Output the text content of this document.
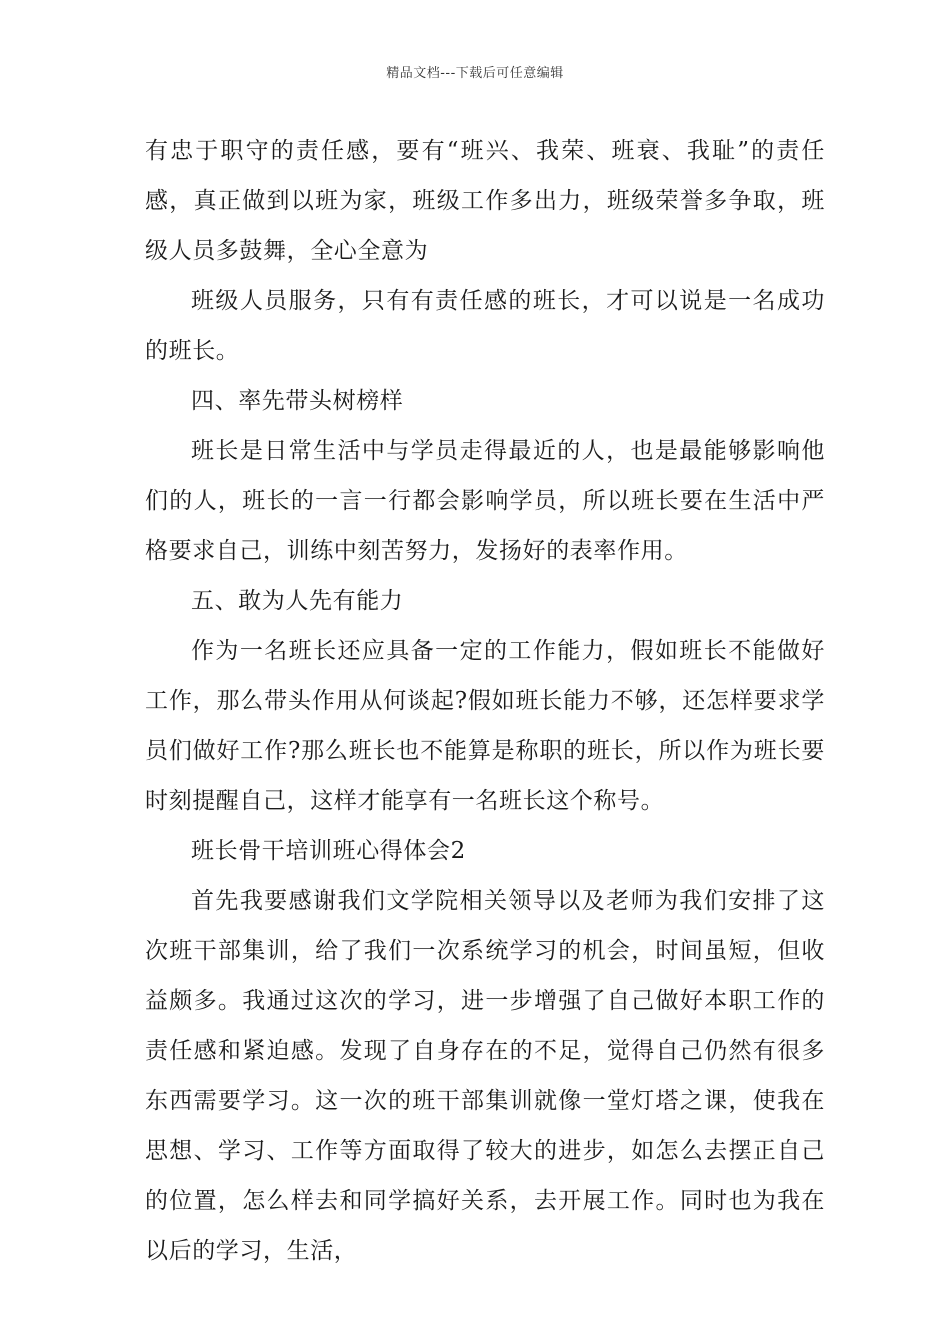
精品文档---下载后可任意编辑

有忠于职守的责任感，要有“班兴、我荣、班衰、我耻”的责任感，真正做到以班为家，班级工作多出力，班级荣誉多争取，班级人员多鼓舞，全心全意为

班级人员服务，只有有责任感的班长，才可以说是一名成功的班长。

四、率先带头树榜样

班长是日常生活中与学员走得最近的人，也是最能够影响他们的人，班长的一言一行都会影响学员，所以班长要在生活中严格要求自己，训练中刻苦努力，发扬好的表率作用。

五、敢为人先有能力

作为一名班长还应具备一定的工作能力，假如班长不能做好工作，那么带头作用从何谈起?假如班长能力不够，还怎样要求学员们做好工作?那么班长也不能算是称职的班长，所以作为班长要时刻提醒自己，这样才能享有一名班长这个称号。

班长骨干培训班心得体会2

首先我要感谢我们文学院相关领导以及老师为我们安排了这次班干部集训，给了我们一次系统学习的机会，时间虽短，但收益颇多。我通过这次的学习，进一步增强了自己做好本职工作的责任感和紧迫感。发现了自身存在的不足，觉得自己仍然有很多东西需要学习。这一次的班干部集训就像一堂灯塔之课，使我在思想、学习、工作等方面取得了较大的进步，如怎么去摆正自己的位置，怎么样去和同学搞好关系，去开展工作。同时也为我在以后的学习，生活，
